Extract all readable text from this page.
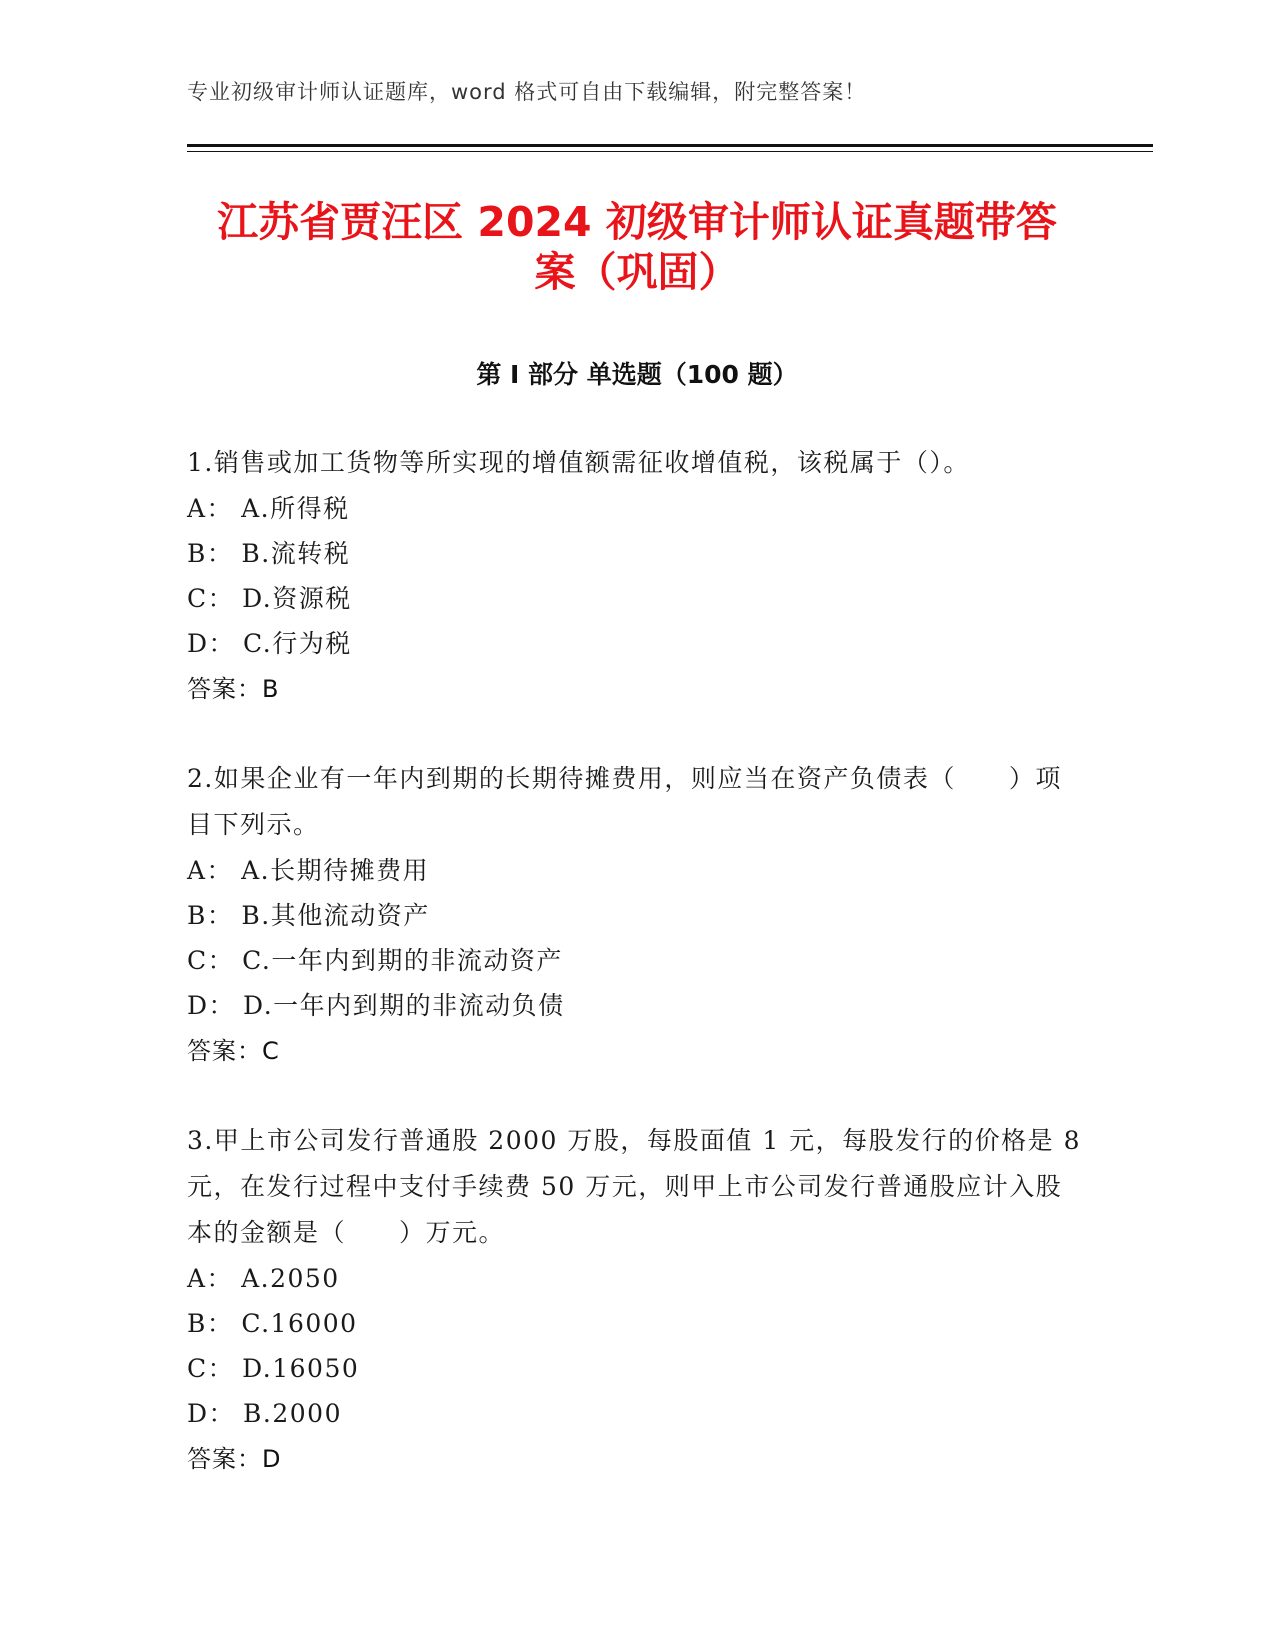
专业初级审计师认证题库，word 格式可自由下载编辑，附完整答案！
江苏省贾汪区 2024 初级审计师认证真题带答
案（巩固）
第 I 部分 单选题（100 题）
1.销售或加工货物等所实现的增值额需征收增值税，该税属于（）。
A： A.所得税
B： B.流转税
C： D.资源税
D： C.行为税
答案：B
2.如果企业有一年内到期的长期待摊费用，则应当在资产负债表（　　）项目下列示。
A： A.长期待摊费用
B： B.其他流动资产
C： C.一年内到期的非流动资产
D： D.一年内到期的非流动负债
答案：C
3.甲上市公司发行普通股 2000 万股，每股面值 1 元，每股发行的价格是 8 元，在发行过程中支付手续费 50 万元，则甲上市公司发行普通股应计入股本的金额是（　　）万元。
A： A.2050
B： C.16000
C： D.16050
D： B.2000
答案：D
